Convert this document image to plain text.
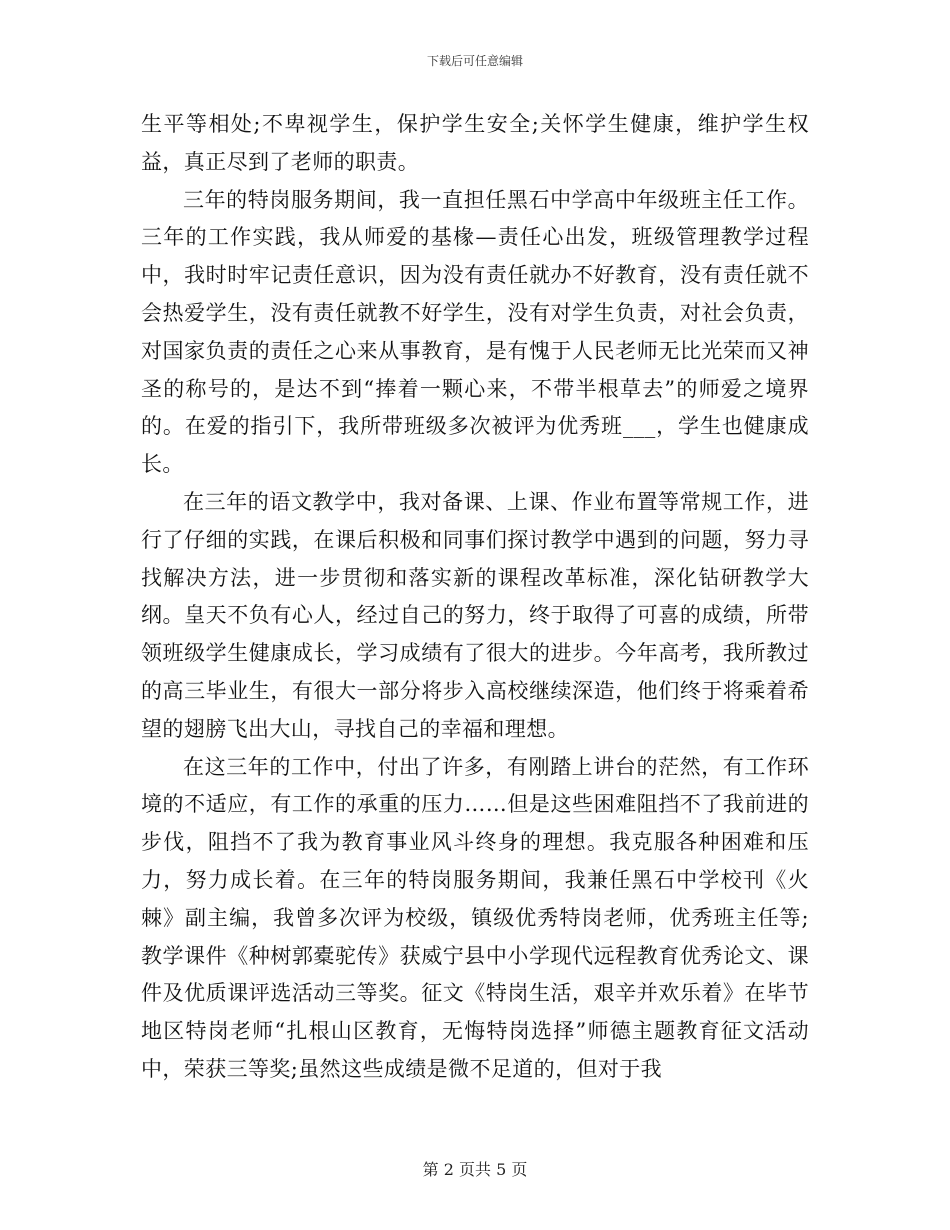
下载后可任意编辑

生平等相处;不卑视学生，保护学生安全;关怀学生健康，维护学生权益，真正尽到了老师的职责。

三年的特岗服务期间，我一直担任黑石中学高中年级班主任工作。三年的工作实践，我从师爱的基椽—责任心出发，班级管理教学过程中，我时时牢记责任意识，因为没有责任就办不好教育，没有责任就不会热爱学生，没有责任就教不好学生，没有对学生负责，对社会负责，对国家负责的责任之心来从事教育，是有愧于人民老师无比光荣而又神圣的称号的，是达不到“捧着一颗心来，不带半根草去”的师爱之境界的。在爱的指引下，我所带班级多次被评为优秀班___，学生也健康成长。

在三年的语文教学中，我对备课、上课、作业布置等常规工作，进行了仔细的实践，在课后积极和同事们探讨教学中遇到的问题，努力寻找解决方法，进一步贯彻和落实新的课程改革标准，深化钻研教学大纲。皇天不负有心人，经过自己的努力，终于取得了可喜的成绩，所带领班级学生健康成长，学习成绩有了很大的进步。今年高考，我所教过的高三毕业生，有很大一部分将步入高校继续深造，他们终于将乘着希望的翅膀飞出大山，寻找自己的幸福和理想。

在这三年的工作中，付出了许多，有刚踏上讲台的茫然，有工作环境的不适应，有工作的承重的压力……但是这些困难阻挡不了我前进的步伐，阻挡不了我为教育事业风斗终身的理想。我克服各种困难和压力，努力成长着。在三年的特岗服务期间，我兼任黑石中学校刊《火棘》副主编，我曾多次评为校级，镇级优秀特岗老师，优秀班主任等;教学课件《种树郭橐驼传》获威宁县中小学现代远程教育优秀论文、课件及优质课评选活动三等奖。征文《特岗生活，艰辛并欢乐着》在毕节地区特岗老师“扎根山区教育，无悔特岗选择”师德主题教育征文活动中，荣获三等奖;虽然这些成绩是微不足道的，但对于我

第 2 页共 5 页
